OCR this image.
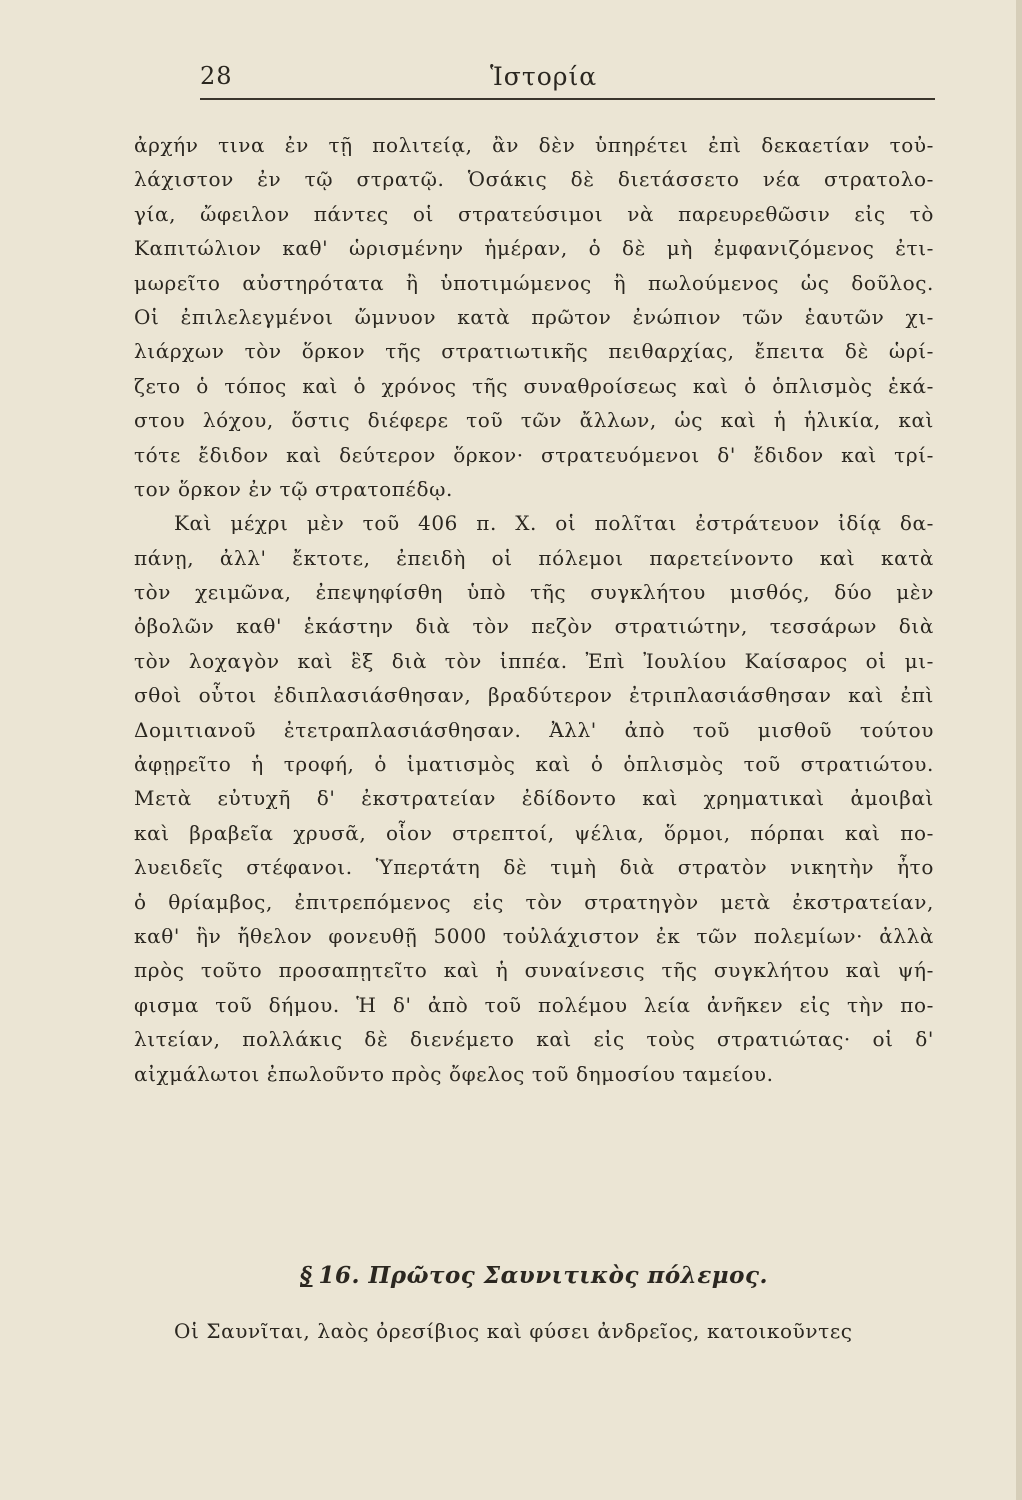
28	Ἱστορία
ἀρχήν τινα ἐν τῇ πολιτείᾳ, ἂν δὲν ὑπηρέτει ἐπὶ δεκαετίαν τοὐ-
λάχιστον ἐν τῷ στρατῷ. Ὁσάκις δὲ διετάσσετο νέα στρατολο-
γία, ὤφειλον πάντες οἱ στρατεύσιμοι νὰ παρευρεθῶσιν εἰς τὸ
Καπιτώλιον καθ' ὡρισμένην ἡμέραν, ὁ δὲ μὴ ἐμφανιζόμενος ἐτι-
μωρεῖτο αὐστηρότατα ἢ ὑποτιμώμενος ἢ πωλούμενος ὡς δοῦλος.
Οἱ ἐπιλελεγμένοι ὤμνυον κατὰ πρῶτον ἐνώπιον τῶν ἑαυτῶν χι-
λιάρχων τὸν ὅρκον τῆς στρατιωτικῆς πειθαρχίας, ἔπειτα δὲ ὡρί-
ζετο ὁ τόπος καὶ ὁ χρόνος τῆς συναθροίσεως καὶ ὁ ὁπλισμὸς ἑκά-
στου λόχου, ὅστις διέφερε τοῦ τῶν ἄλλων, ὡς καὶ ἡ ἡλικία, καὶ
τότε ἔδιδον καὶ δεύτερον ὅρκον· στρατευόμενοι δ' ἔδιδον καὶ τρί-
τον ὅρκον ἐν τῷ στρατοπέδῳ.
Καὶ μέχρι μὲν τοῦ 406 π. Χ. οἱ πολῖται ἐστράτευον ἰδίᾳ δα-
πάνῃ, ἀλλ' ἔκτοτε, ἐπειδὴ οἱ πόλεμοι παρετείνοντο καὶ κατὰ
τὸν χειμῶνα, ἐπεψηφίσθη ὑπὸ τῆς συγκλήτου μισθός, δύο μὲν
ὀβολῶν καθ' ἑκάστην διὰ τὸν πεζὸν στρατιώτην, τεσσάρων διὰ
τὸν λοχαγὸν καὶ ἓξ διὰ τὸν ἱππέα. Ἐπὶ Ἰουλίου Καίσαρος οἱ μι-
σθοὶ οὗτοι ἐδιπλασιάσθησαν, βραδύτερον ἐτριπλασιάσθησαν καὶ ἐπὶ
Δομιτιανοῦ ἐτετραπλασιάσθησαν. Ἀλλ' ἀπὸ τοῦ μισθοῦ τούτου
ἀφῃρεῖτο ἡ τροφή, ὁ ἱματισμὸς καὶ ὁ ὁπλισμὸς τοῦ στρατιώτου.
Μετὰ εὐτυχῆ δ' ἐκστρατείαν ἐδίδοντο καὶ χρηματικαὶ ἀμοιβαὶ
καὶ βραβεῖα χρυσᾶ, οἷον στρεπτοί, ψέλια, ὅρμοι, πόρπαι καὶ πο-
λυειδεῖς στέφανοι. Ὑπερτάτη δὲ τιμὴ διὰ στρατὸν νικητὴν ἦτο
ὁ θρίαμβος, ἐπιτρεπόμενος εἰς τὸν στρατηγὸν μετὰ ἐκστρατείαν,
καθ' ἣν ἤθελον φονευθῇ 5000 τοὐλάχιστον ἐκ τῶν πολεμίων· ἀλλὰ
πρὸς τοῦτο προσαπῃτεῖτο καὶ ἡ συναίνεσις τῆς συγκλήτου καὶ ψή-
φισμα τοῦ δήμου. Ἡ δ' ἀπὸ τοῦ πολέμου λεία ἀνῆκεν εἰς τὴν πο-
λιτείαν, πολλάκις δὲ διενέμετο καὶ εἰς τοὺς στρατιώτας· οἱ δ'
αἰχμάλωτοι ἐπωλοῦντο πρὸς ὄφελος τοῦ δημοσίου ταμείου.
§ 16. Πρῶτος Σαυνιτικὸς πόλεμος.
Οἱ Σαυνῖται, λαὸς ὀρεσίβιος καὶ φύσει ἀνδρεῖος, κατοικοῦντες
